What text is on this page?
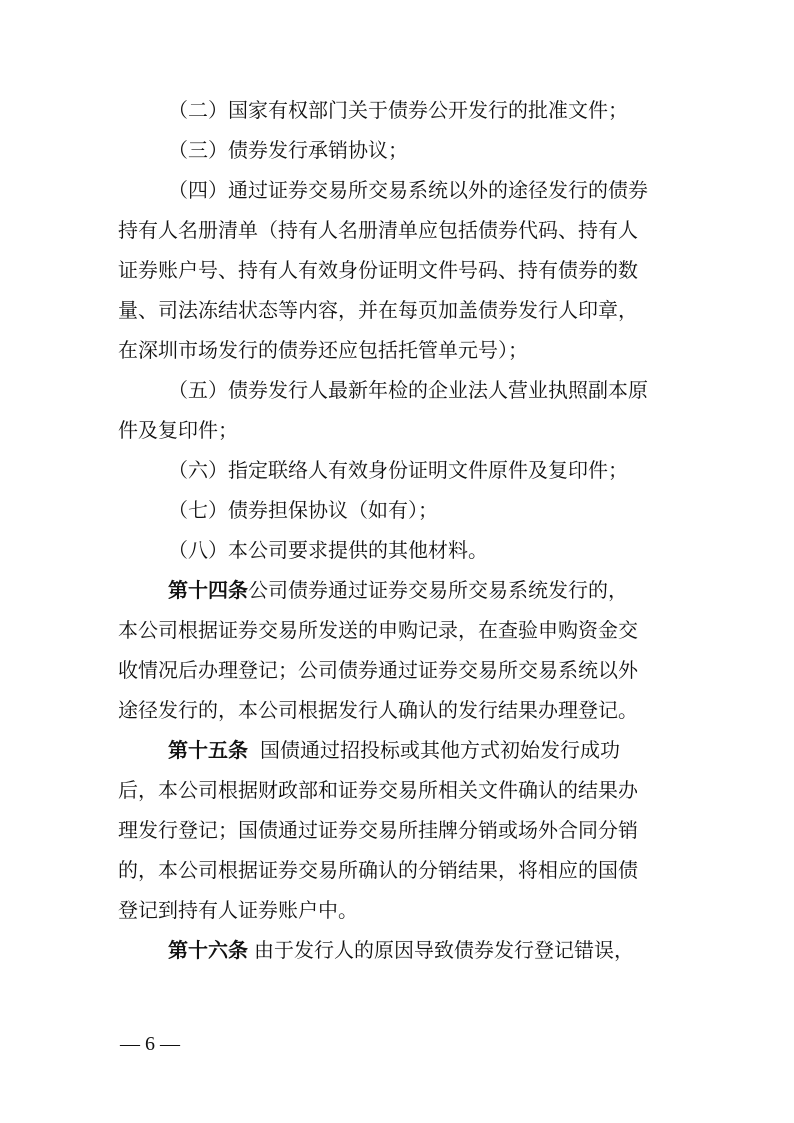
（二）国家有权部门关于债券公开发行的批准文件；
（三）债券发行承销协议；
（四）通过证券交易所交易系统以外的途径发行的债券
持有人名册清单（持有人名册清单应包括债券代码、持有人
证券账户号、持有人有效身份证明文件号码、持有债券的数
量、司法冻结状态等内容，并在每页加盖债券发行人印章，
在深圳市场发行的债券还应包括托管单元号）；
（五）债券发行人最新年检的企业法人营业执照副本原
件及复印件；
（六）指定联络人有效身份证明文件原件及复印件；
（七）债券担保协议（如有）；
（八）本公司要求提供的其他材料。
第十四条公司债券通过证券交易所交易系统发行的，
本公司根据证券交易所发送的申购记录，在查验申购资金交
收情况后办理登记；公司债券通过证券交易所交易系统以外
途径发行的，本公司根据发行人确认的发行结果办理登记。
第十五条 国债通过招投标或其他方式初始发行成功
后，本公司根据财政部和证券交易所相关文件确认的结果办
理发行登记；国债通过证券交易所挂牌分销或场外合同分销
的，本公司根据证券交易所确认的分销结果，将相应的国债
登记到持有人证券账户中。
第十六条 由于发行人的原因导致债券发行登记错误，
— 6 —
